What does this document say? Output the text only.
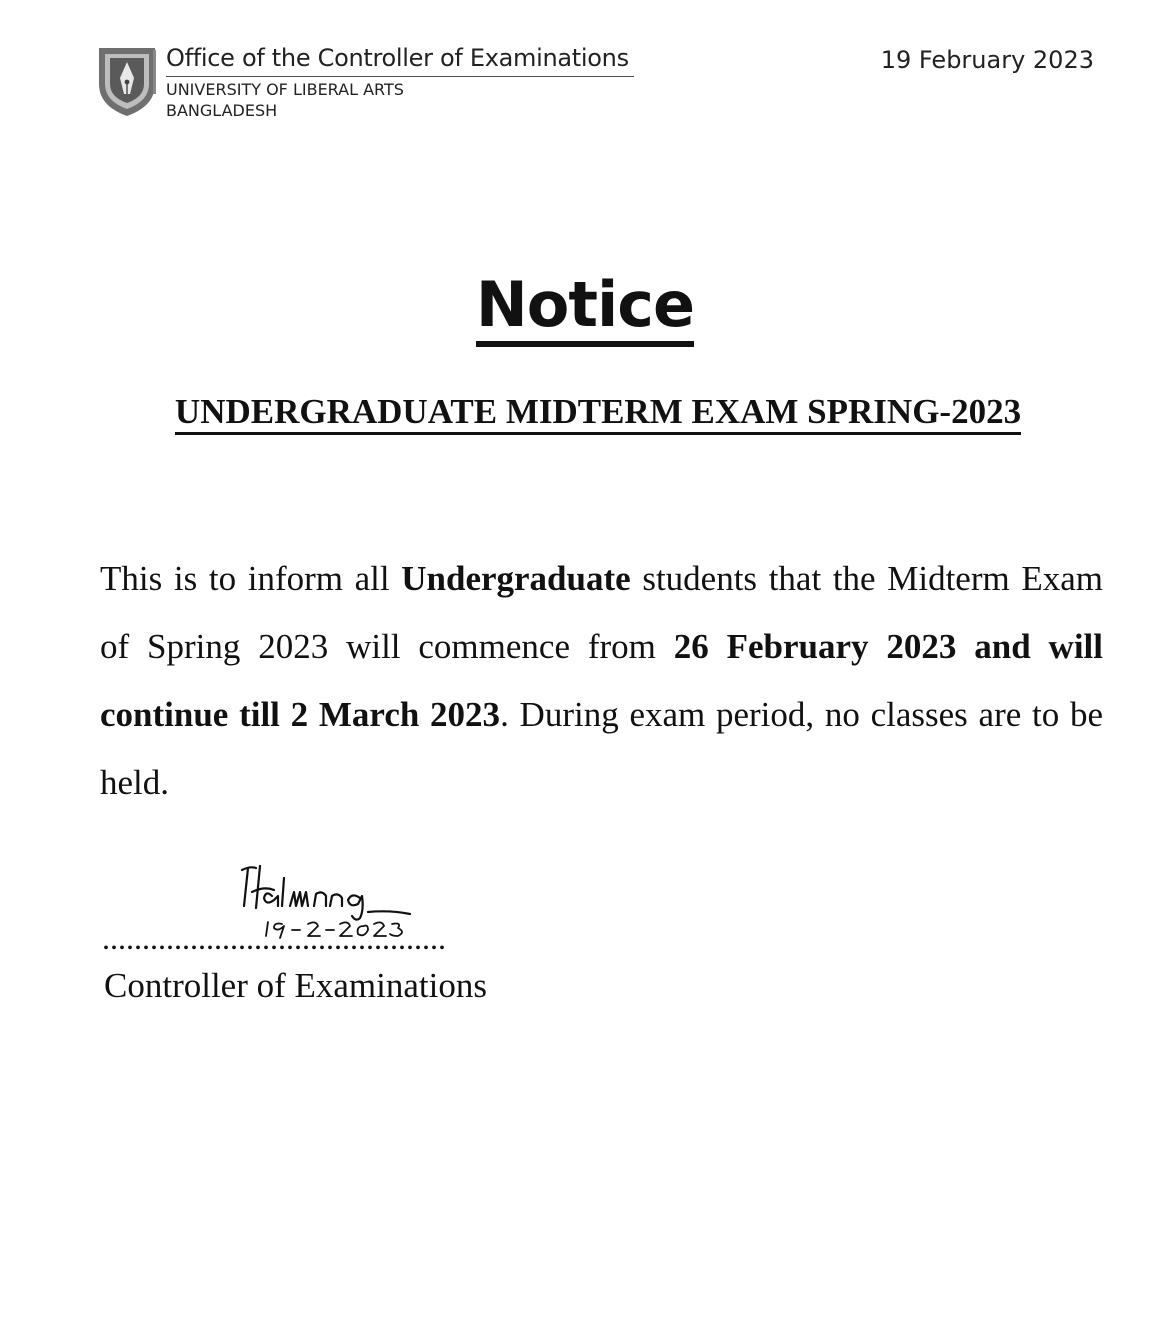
Office of the Controller of Examinations
UNIVERSITY OF LIBERAL ARTS
BANGLADESH
19 February 2023
Notice
UNDERGRADUATE MIDTERM EXAM SPRING-2023
This is to inform all Undergraduate students that the Midterm Exam of Spring 2023 will commence from 26 February 2023 and will continue till 2 March 2023. During exam period, no classes are to be held.
...........................................
Controller of Examinations
